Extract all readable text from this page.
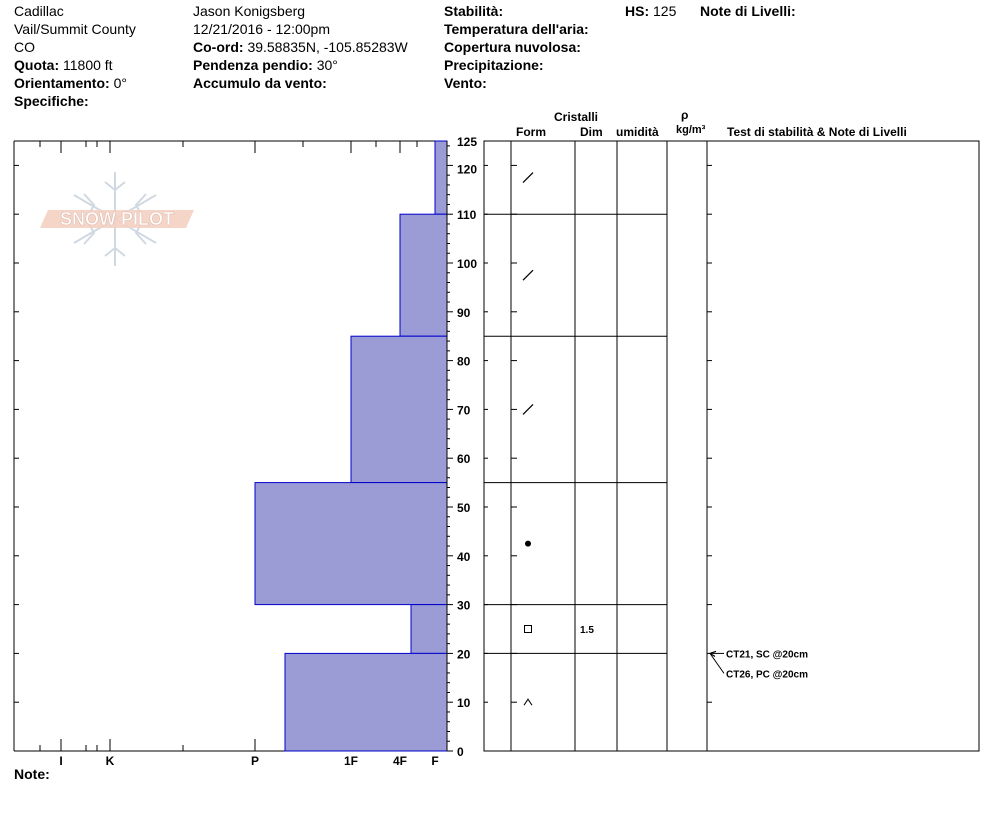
Cadillac
Vail/Summit County
CO
Quota: 11800 ft
Orientamento: 0°
Specifiche:
Jason Konigsberg
12/21/2016 - 12:00pm
Co-ord: 39.58835N, -105.85283W
Pendenza pendio: 30°
Accumulo da vento:
Stabilità:
Temperatura dell'aria:
Copertura nuvolosa:
Precipitazione:
Vento:
HS: 125 Note di Livelli:
Cristalli
Form	Dim umidità
ρ
kg/m³ Test di stabilità & Note di Livelli
Note:
SNOW PILOT
I	K	P	1F	4F F
0
10
20
30
40
50
60
70
80
90
100
110
120
125
1.5
CT21, SC @20cm
CT26, PC @20cm
